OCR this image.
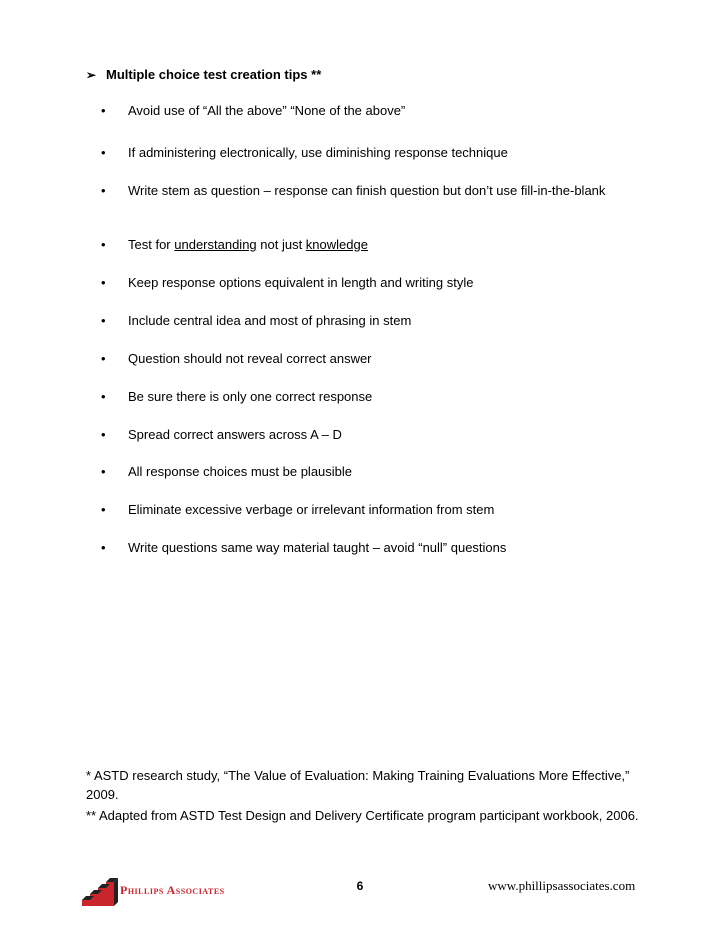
➢ Multiple choice test creation tips **
•	Avoid use of “All the above” “None of the above”
•	If administering electronically, use diminishing response technique
•	Write stem as question – response can finish question but don’t use fill-in-the-blank
•	Test for understanding not just knowledge
•	Keep response options equivalent in length and writing style
•	Include central idea and most of phrasing in stem
•	Question should not reveal correct answer
•	Be sure there is only one correct response
•	Spread correct answers across A – D
•	All response choices must be plausible
•	Eliminate excessive verbage or irrelevant information from stem
•	Write questions same way material taught – avoid “null” questions
* ASTD research study, “The Value of Evaluation: Making Training Evaluations More Effective,” 2009.
** Adapted from ASTD Test Design and Delivery Certificate program participant workbook, 2006.
Phillips Associates	6	www.phillipsassociates.com
